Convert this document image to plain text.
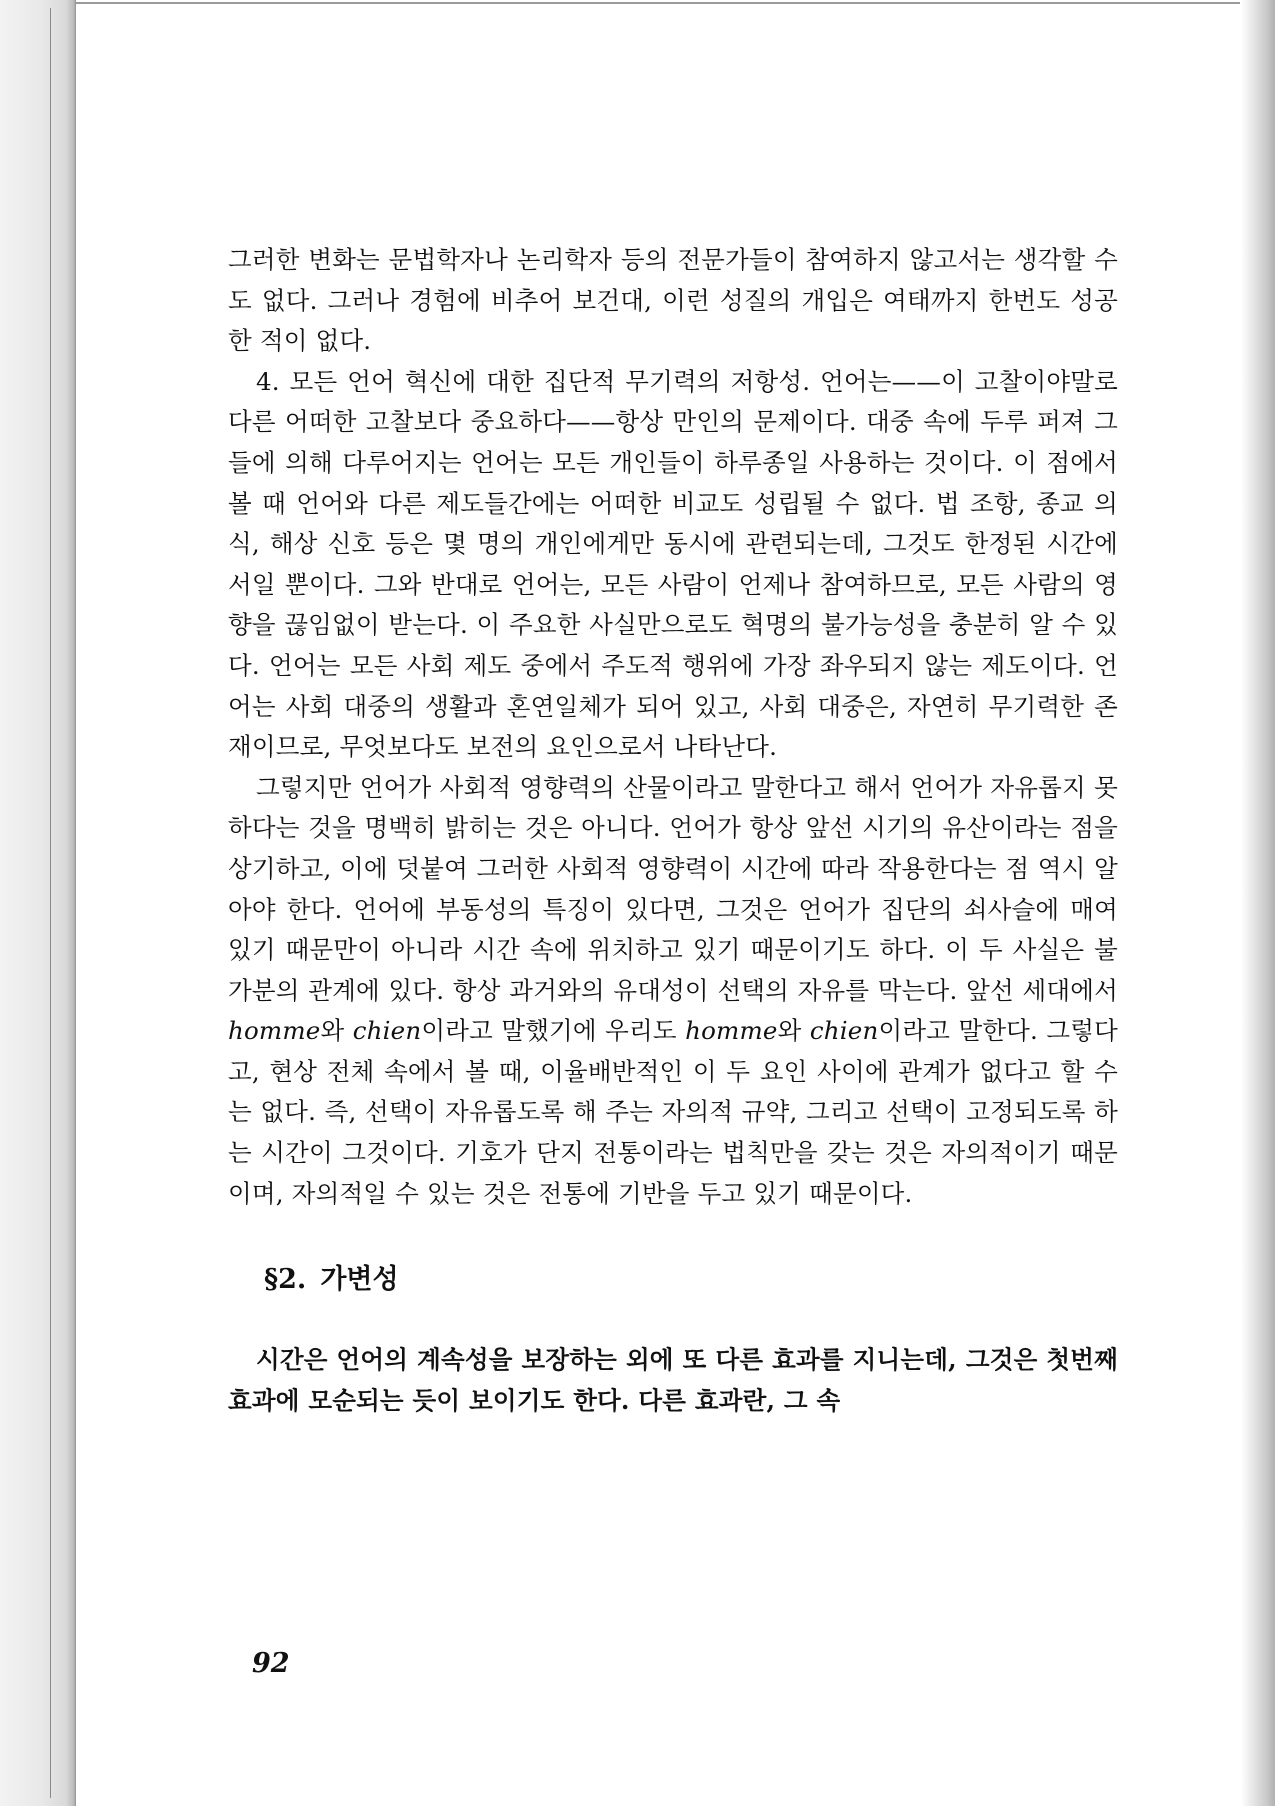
그러한 변화는 문법학자나 논리학자 등의 전문가들이 참여하지 않고서는 생각할 수도 없다. 그러나 경험에 비추어 보건대, 이런 성질의 개입은 여태까지 한번도 성공한 적이 없다.

4. 모든 언어 혁신에 대한 집단적 무기력의 저항성. 언어는——이 고찰이야말로 다른 어떠한 고찰보다 중요하다——항상 만인의 문제이다. 대중 속에 두루 퍼져 그들에 의해 다루어지는 언어는 모든 개인들이 하루종일 사용하는 것이다. 이 점에서 볼 때 언어와 다른 제도들간에는 어떠한 비교도 성립될 수 없다. 법 조항, 종교 의식, 해상 신호 등은 몇 명의 개인에게만 동시에 관련되는데, 그것도 한정된 시간에서일 뿐이다. 그와 반대로 언어는, 모든 사람이 언제나 참여하므로, 모든 사람의 영향을 끊임없이 받는다. 이 주요한 사실만으로도 혁명의 불가능성을 충분히 알 수 있다. 언어는 모든 사회 제도 중에서 주도적 행위에 가장 좌우되지 않는 제도이다. 언어는 사회 대중의 생활과 혼연일체가 되어 있고, 사회 대중은, 자연히 무기력한 존재이므로, 무엇보다도 보전의 요인으로서 나타난다.

그렇지만 언어가 사회적 영향력의 산물이라고 말한다고 해서 언어가 자유롭지 못하다는 것을 명백히 밝히는 것은 아니다. 언어가 항상 앞선 시기의 유산이라는 점을 상기하고, 이에 덧붙여 그러한 사회적 영향력이 시간에 따라 작용한다는 점 역시 알아야 한다. 언어에 부동성의 특징이 있다면, 그것은 언어가 집단의 쇠사슬에 매여 있기 때문만이 아니라 시간 속에 위치하고 있기 때문이기도 하다. 이 두 사실은 불가분의 관계에 있다. 항상 과거와의 유대성이 선택의 자유를 막는다. 앞선 세대에서 homme와 chien이라고 말했기에 우리도 homme와 chien이라고 말한다. 그렇다고, 현상 전체 속에서 볼 때, 이율배반적인 이 두 요인 사이에 관계가 없다고 할 수는 없다. 즉, 선택이 자유롭도록 해 주는 자의적 규약, 그리고 선택이 고정되도록 하는 시간이 그것이다. 기호가 단지 전통이라는 법칙만을 갖는 것은 자의적이기 때문이며, 자의적일 수 있는 것은 전통에 기반을 두고 있기 때문이다.

§2. 가변성

시간은 언어의 계속성을 보장하는 외에 또 다른 효과를 지니는데, 그것은 첫번째 효과에 모순되는 듯이 보이기도 한다. 다른 효과란, 그 속

92
